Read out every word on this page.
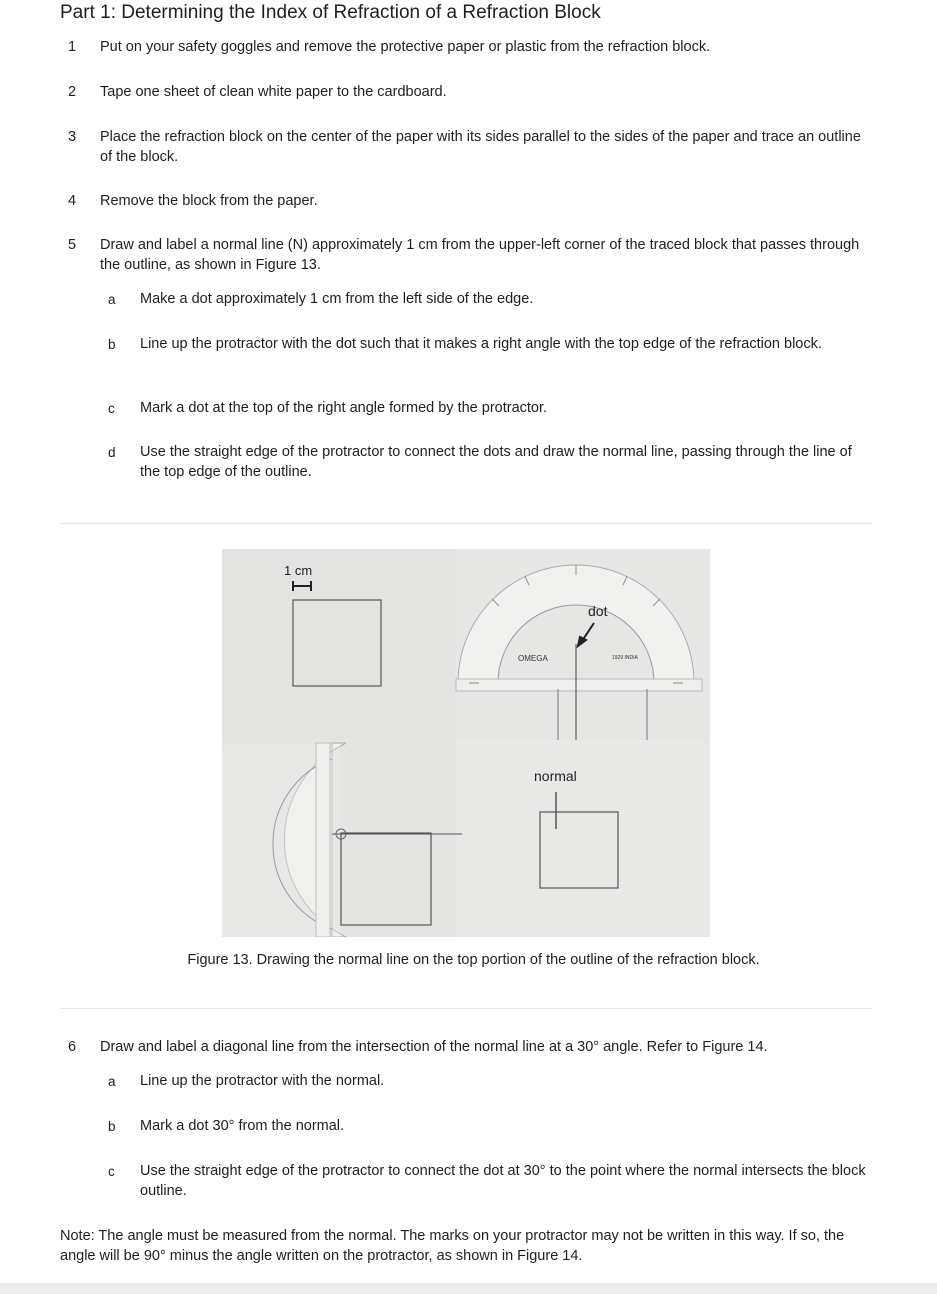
Part 1: Determining the Index of Refraction of a Refraction Block
1	Put on your safety goggles and remove the protective paper or plastic from the refraction block.
2	Tape one sheet of clean white paper to the cardboard.
3	Place the refraction block on the center of the paper with its sides parallel to the sides of the paper and trace an outline of the block.
4	Remove the block from the paper.
5	Draw and label a normal line (N) approximately 1 cm from the upper-left corner of the traced block that passes through the outline, as shown in Figure 13.
a Make a dot approximately 1 cm from the left side of the edge.
b Line up the protractor with the dot such that it makes a right angle with the top edge of the refraction block.
c Mark a dot at the top of the right angle formed by the protractor.
d Use the straight edge of the protractor to connect the dots and draw the normal line, passing through the line of the top edge of the outline.
1 cm
OMEGA	1929 INDIA
dot
normal
Figure 13. Drawing the normal line on the top portion of the outline of the refraction block.
6	Draw and label a diagonal line from the intersection of the normal line at a 30° angle. Refer to Figure 14.
a Line up the protractor with the normal.
b Mark a dot 30° from the normal.
c Use the straight edge of the protractor to connect the dot at 30° to the point where the normal intersects the block outline.
Note: The angle must be measured from the normal. The marks on your protractor may not be written in this way. If so, the angle will be 90° minus the angle written on the protractor, as shown in Figure 14.
